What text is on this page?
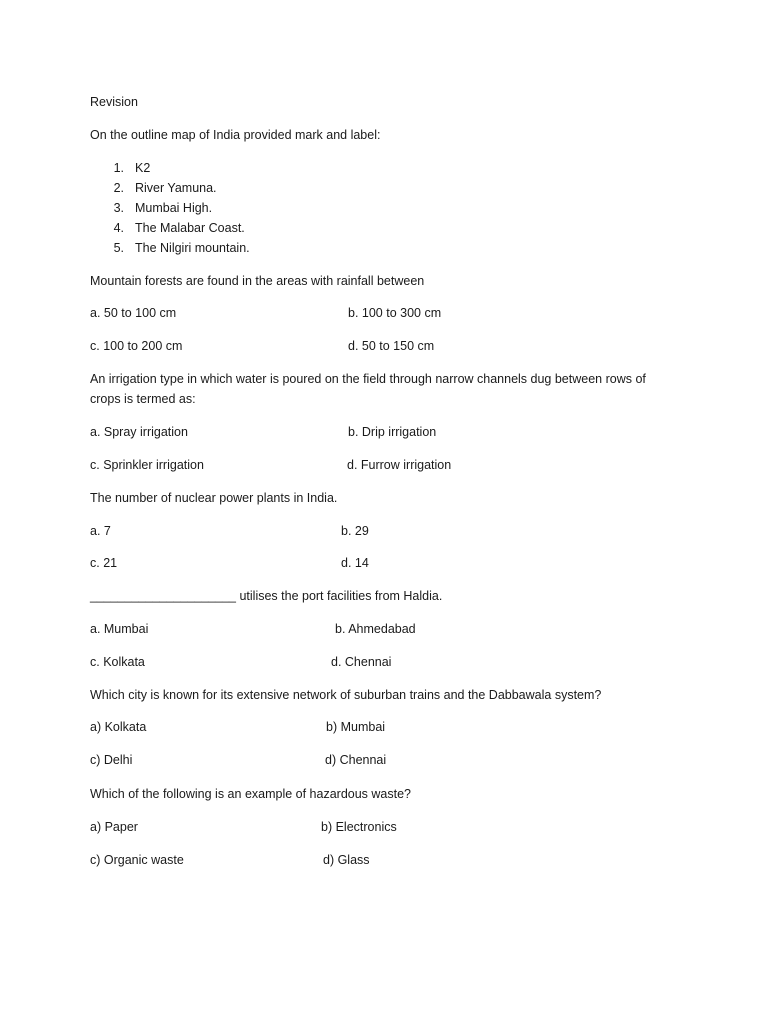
Revision
On the outline map of India provided mark and label:
1. K2
2. River Yamuna.
3. Mumbai High.
4. The Malabar Coast.
5. The Nilgiri mountain.
Mountain forests are found in the areas with rainfall between
a. 50 to 100 cm	b. 100 to 300 cm
c. 100 to 200 cm	d. 50 to 150 cm
An irrigation type in which water is poured on the field through narrow channels dug between rows of crops is termed as:
a. Spray irrigation	b. Drip irrigation
c. Sprinkler irrigation	d. Furrow irrigation
The number of nuclear power plants in India.
a. 7	b. 29
c. 21	d. 14
_____________________ utilises the port facilities from Haldia.
a. Mumbai	b. Ahmedabad
c. Kolkata	d. Chennai
Which city is known for its extensive network of suburban trains and the Dabbawala system?
a) Kolkata	b) Mumbai
c) Delhi	d) Chennai
Which of the following is an example of hazardous waste?
a) Paper	b) Electronics
c) Organic waste	d) Glass
